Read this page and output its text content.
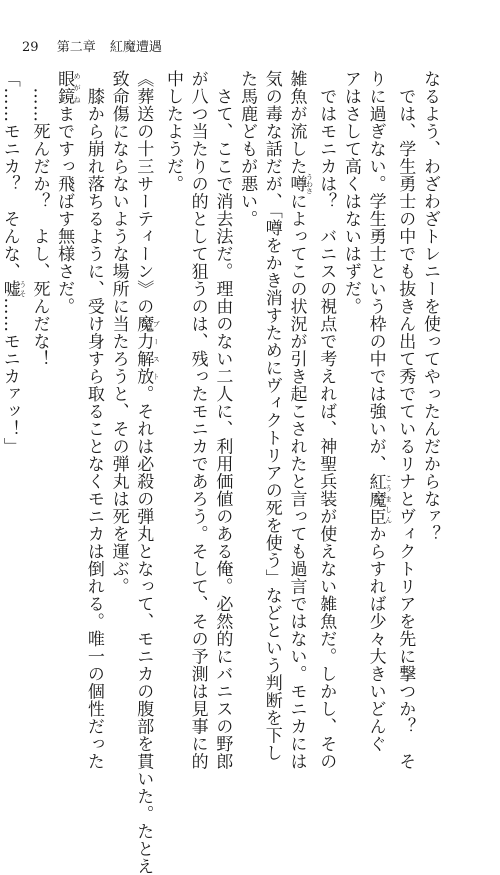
29 第二章 紅魔遭遇
なるよう、わざわざトレニーを使ってやったんだからなァ？
　では、学生勇士の中でも抜きん出て秀でているリナとヴィクトリアを先に撃つか？　そ
りに過ぎない。学生勇士という枠の中では強いが、紅魔臣 こうましんからすれば少々大きいどんぐ
アはさして高くはないはずだ。
　ではモニカは？　バニスの視点で考えれば、神聖兵装が使えない雑魚だ。しかし、その
雑魚が流した噂 うわさによってこの状況が引き起こされたと言っても過言ではない。モニカには
気の毒な話だが、「噂をかき消すためにヴィクトリアの死を使う」などという判断を下し
た馬鹿どもが悪い。
　さて、ここで消去法だ。理由のない二人に、利用価値のある俺。必然的にバニスの野郎
が八つ当たりの的として狙うのは、残ったモニカであろう。そして、その予測は見事に的
中したようだ。
《葬送の十三サーティーン》の魔力解放 ブースト。それは必殺の弾丸となって、モニカの腹部を貫いた。たとえ
致命傷にならないような場所に当たろうと、その弾丸は死を運ぶ。
　膝から崩れ落ちるように、受け身すら取ることなくモニカは倒れる。唯一の個性だった
眼鏡 めがねまですっ飛ばす無様さだ。
　……死んだか？　よし、死んだな！
「……モニカ？　そんな、嘘 うそ……モニカァッ！」
